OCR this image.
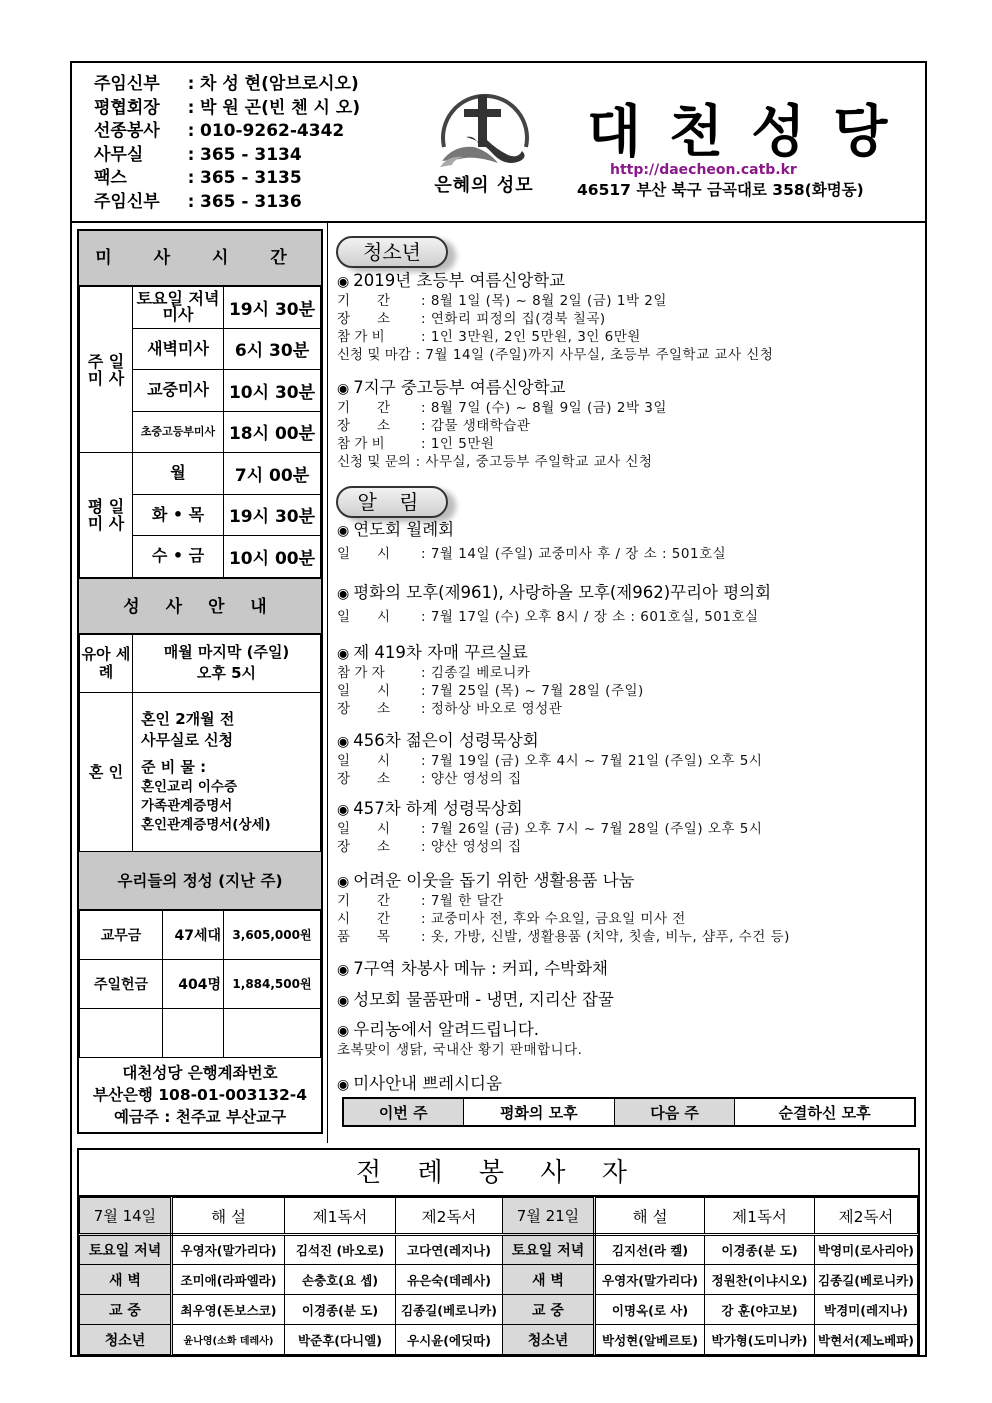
주임신부	: 차 성 현(암브로시오)
평협회장	: 박 원 곤(빈 첸 시 오)
선종봉사	: 010-9262-4342
사무실	: 365 - 3134
팩스	: 365 - 3135
주임신부	: 365 - 3136
은혜의 성모
대천성당
http://daecheon.catb.kr
46517 부산 북구 금곡대로 358(화명동)
미 사 시 간
주 일 미 사	토요일 저녁미사	19시 30분
	새벽미사	6시 30분
	교중미사	10시 30분
	초중고등부미사	18시 00분
평 일 미 사	월	7시 00분
	화 • 목	19시 30분
	수 • 금	10시 00분
성 사 안 내
유아 세례	매월 마지막 (주일)
오후 5시

혼 인	
혼인 2개월 전
사무실로 신청
준 비 물 :
혼인교리 이수증
가족관계증명서
혼인관계증명서(상세)
우리들의 정성 (지난 주)
교무금	47세대	3,605,000원
주일헌금	404명	1,884,500원

대천성당 은행계좌번호
부산은행 108-01-003132-4
예금주 : 천주교 부산교구
청소년
◉ 2019년 초등부 여름신앙학교
기　　간 : 8월 1일 (목) ~ 8월 2일 (금) 1박 2일
장　　소 : 연화리 피정의 집(경북 칠곡)
참 가 비	: 1인 3만원, 2인 5만원, 3인 6만원
신청 및 마감 : 7월 14일 (주일)까지 사무실, 초등부 주일학교 교사 신청
◉ 7지구 중고등부 여름신앙학교
기　　간 : 8월 7일 (수) ~ 8월 9일 (금) 2박 3일
장　　소 : 감물 생태학습관
참 가 비	: 1인 5만원
신청 및 문의 : 사무실, 중고등부 주일학교 교사 신청
알 림
◉ 연도회 월례회
일　　시 : 7월 14일 (주일) 교중미사 후 / 장 소 : 501호실
◉ 평화의 모후(제961), 사랑하올 모후(제962)꾸리아 평의회
일　　시 : 7월 17일 (수) 오후 8시 / 장 소 : 601호실, 501호실
◉ 제 419차 자매 꾸르실료
참 가 자	: 김종길 베로니카
일　　시 : 7월 25일 (목) ~ 7월 28일 (주일)
장　　소 : 정하상 바오로 영성관
◉ 456차 젊은이 성령묵상회
일　　시 : 7월 19일 (금) 오후 4시 ~ 7월 21일 (주일) 오후 5시
장　　소 : 양산 영성의 집
◉ 457차 하계 성령묵상회
일　　시 : 7월 26일 (금) 오후 7시 ~ 7월 28일 (주일) 오후 5시
장　　소 : 양산 영성의 집
◉ 어려운 이웃을 돕기 위한 생활용품 나눔
기　　간 : 7월 한 달간
시　　간 : 교중미사 전, 후와 수요일, 금요일 미사 전
품　　목 : 옷, 가방, 신발, 생활용품 (치약, 칫솔, 비누, 샴푸, 수건 등)
◉ 7구역 차봉사 메뉴 : 커피, 수박화채
◉ 성모회 물품판매 - 냉면, 지리산 잡꿀
◉ 우리농에서 알려드립니다.
초복맞이 생닭, 국내산 황기 판매합니다.
◉ 미사안내 쁘레시디움
이번 주	평화의 모후	다음 주	순결하신 모후
전 례 봉 사 자
7월 14일	해 설	제1독서	제2독서	7월 21일	해 설	제1독서	제2독서
토요일 저녁	우영자(말가리다)	김석진 (바오로)	고다연(레지나)	토요일 저녁	김지선(라 켈)	이경종(분 도)	박영미(로사리아)
새 벽	조미애(라파엘라)	손충호(요 셉)	유은숙(데레사)	새 벽	우영자(말가리다)	정원찬(이냐시오)	김종길(베로니카)
교 중	최우영(돈보스코)	이경종(분 도)	김종길(베로니카)	교 중	이명옥(로 사)	강 훈(야고보)	박경미(레지나)
청소년	윤나영(소화 데레사)	박준후(다니엘)	우시윤(에딧따)	청소년	박성현(알베르토)	박가형(도미니카)	박현서(제노베파)
